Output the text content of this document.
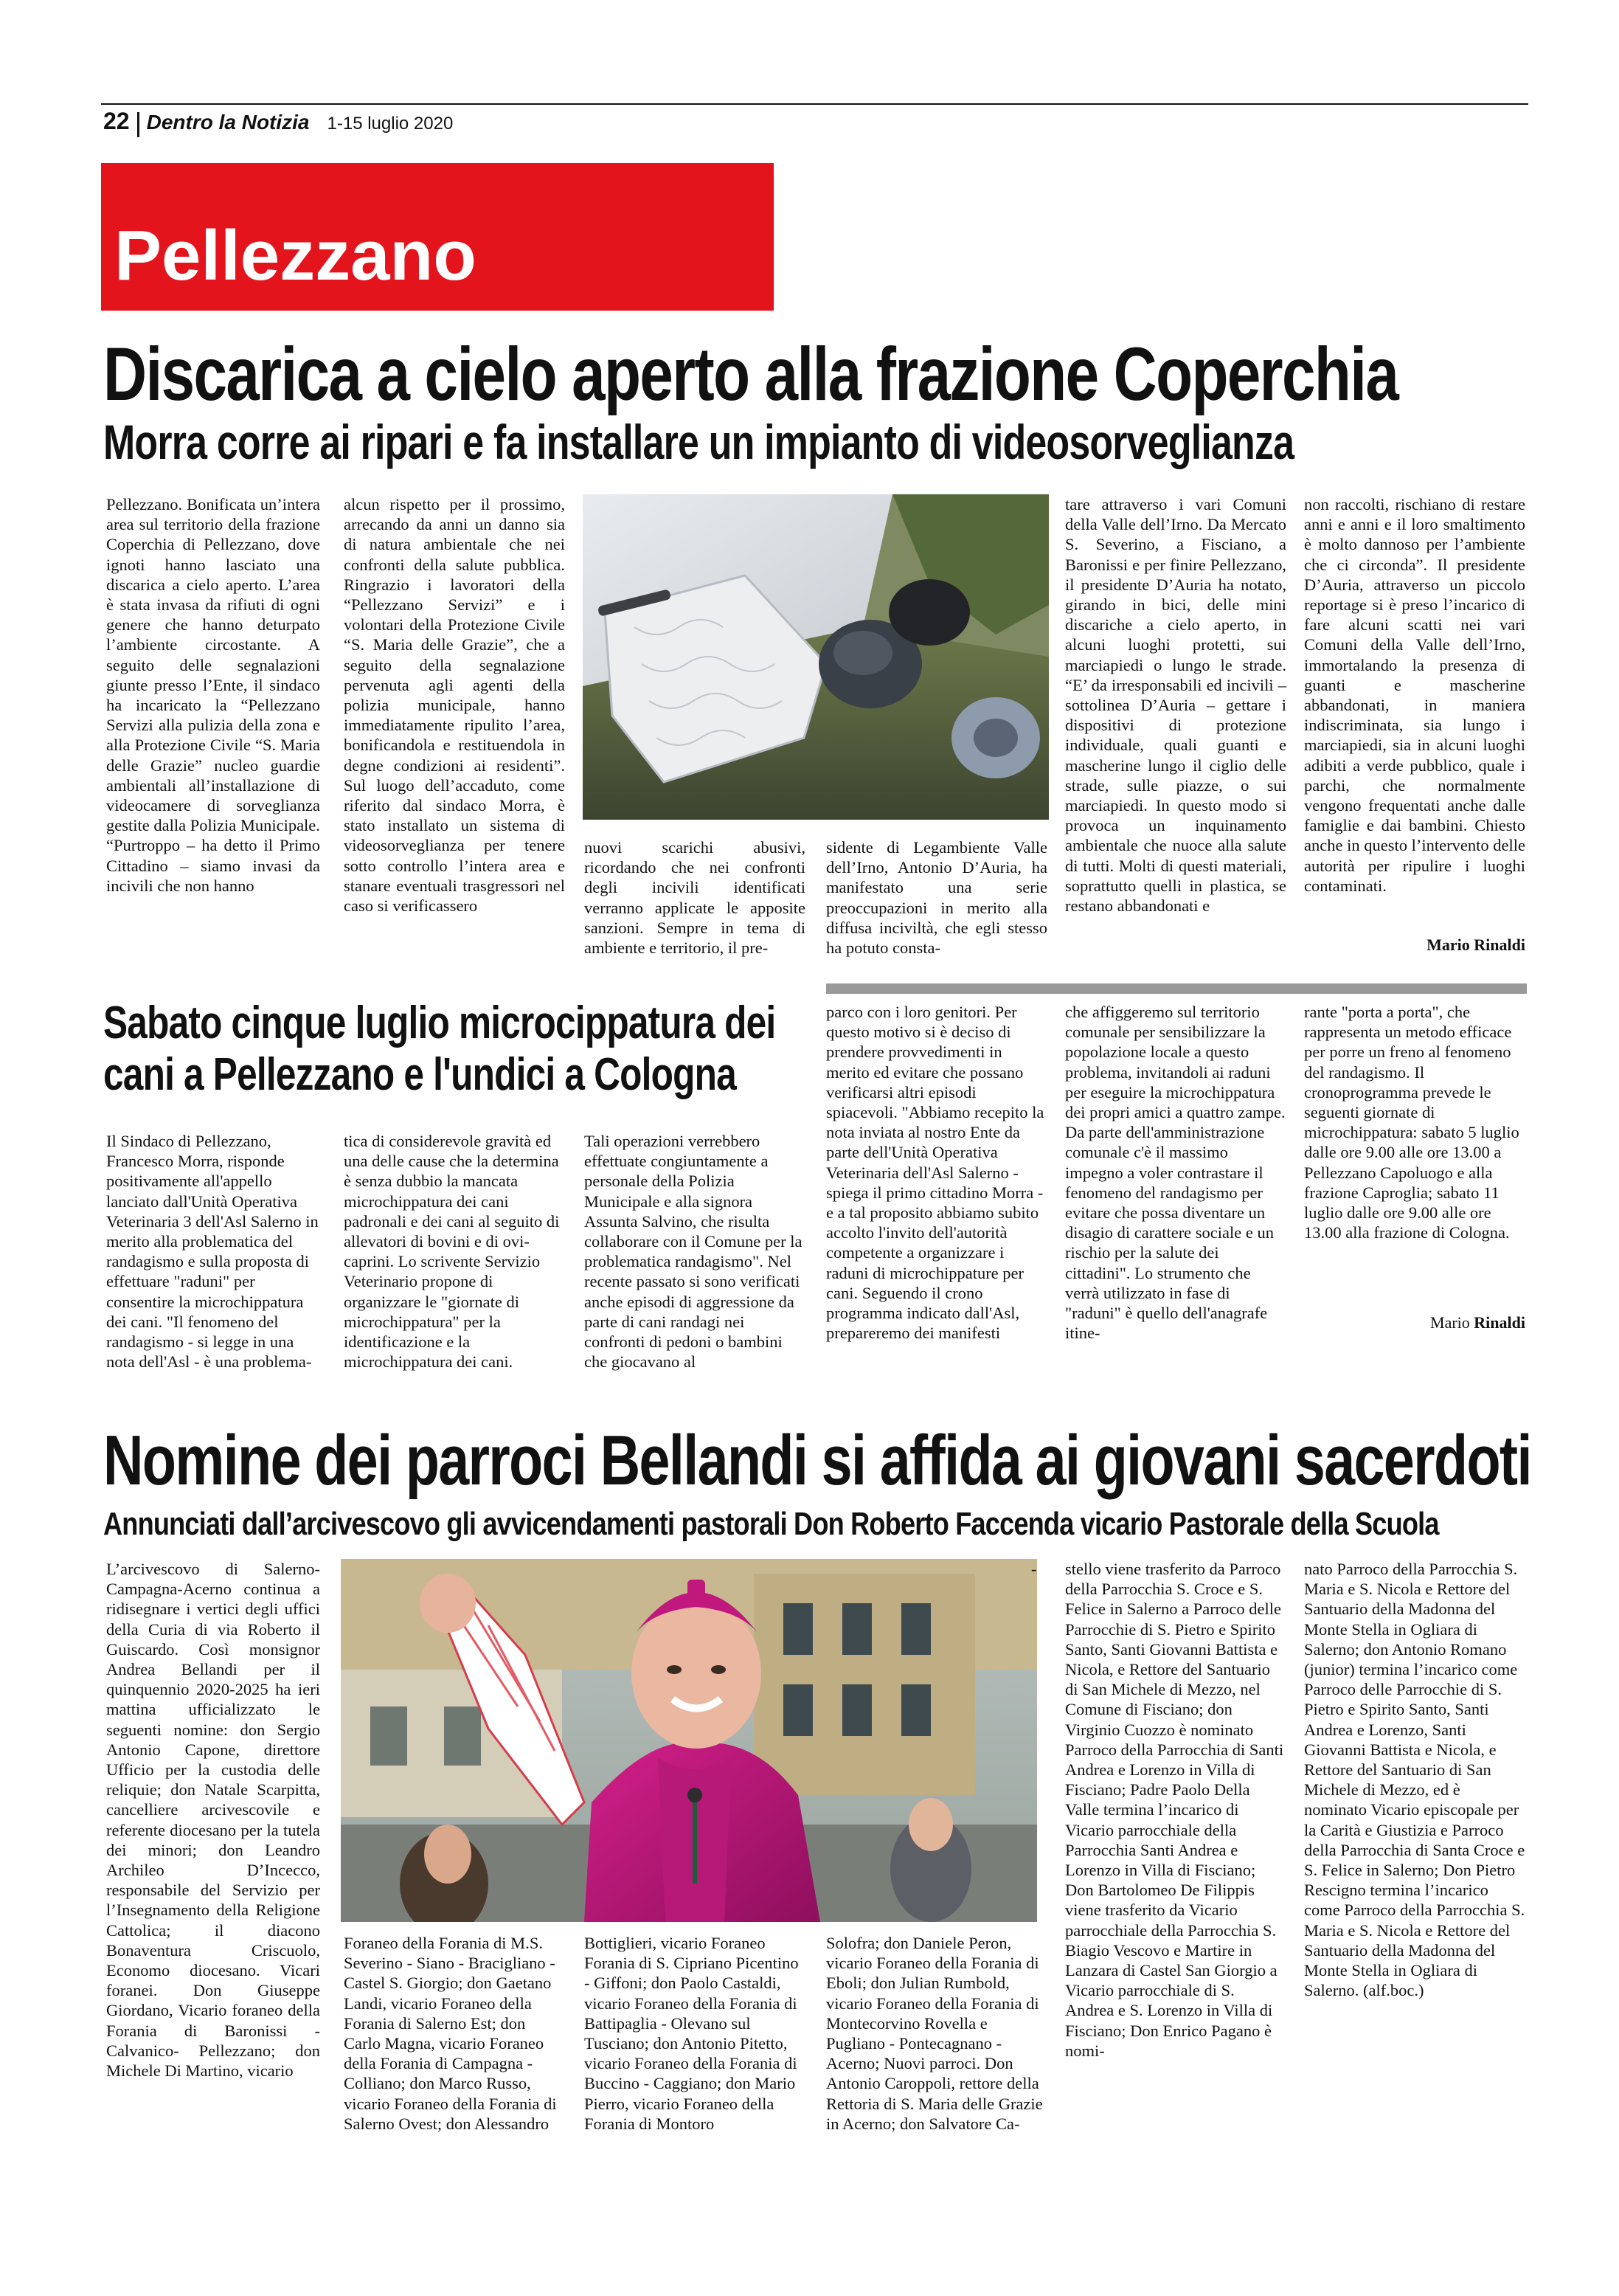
22 Dentro la Notizia 1-15 luglio 2020
Pellezzano
Discarica a cielo aperto alla frazione Coperchia
Morra corre ai ripari e fa installare un impianto di videosorveglianza

Pellezzano. Bonificata un’intera area sul territorio della frazione Coperchia di Pellezzano, dove ignoti hanno lasciato una discarica a cielo aperto. L’area è stata invasa da rifiuti di ogni genere che hanno deturpato l’ambiente circostante. A seguito delle segnalazioni giunte presso l’Ente, il sindaco ha incaricato la “Pellezzano Servizi alla pulizia della zona e alla Protezione Civile “S. Maria delle Grazie” nucleo guardie ambientali all’installazione di videocamere di sorveglianza gestite dalla Polizia Municipale.

“Purtroppo – ha detto il Primo Cittadino – siamo invasi da incivili che non hanno

alcun rispetto per il prossimo, arrecando da anni un danno sia di natura ambientale che nei confronti della salute pubblica. Ringrazio i lavoratori della “Pellezzano Servizi” e i volontari della Protezione Civile “S. Maria delle Grazie”, che a seguito della segnalazione pervenuta agli agenti della polizia municipale, hanno immediatamente ripulito l’area, bonificandola e restituendola in degne condizioni ai residenti”. Sul luogo dell’accaduto, come riferito dal sindaco Morra, è stato installato un sistema di videosorveglianza per tenere sotto controllo l’intera area e stanare eventuali trasgressori nel caso si verificassero
nuovi scarichi abusivi, ricordando che nei confronti degli incivili identificati verranno applicate le apposite sanzioni. Sempre in tema di ambiente e territorio, il pre-
sidente di Legambiente Valle dell’Irno, Antonio D’Auria, ha manifestato una serie preoccupazioni in merito alla diffusa inciviltà, che egli stesso ha potuto consta-
tare attraverso i vari Comuni della Valle dell’Irno. Da Mercato S. Severino, a Fisciano, a Baronissi e per finire Pellezzano, il presidente D’Auria ha notato, girando in bici, delle mini discariche a cielo aperto, in alcuni luoghi protetti, sui marciapiedi o lungo le strade. “E’ da irresponsabili ed incivili – sottolinea D’Auria – gettare i dispositivi di protezione individuale, quali guanti e mascherine lungo il ciglio delle strade, sulle piazze, o sui marciapiedi. In questo modo si provoca un inquinamento ambientale che nuoce alla salute di tutti. Molti di questi materiali, soprattutto quelli in plastica, se restano abbandonati e
non raccolti, rischiano di restare anni e anni e il loro smaltimento è molto dannoso per l’ambiente che ci circonda”. Il presidente D’Auria, attraverso un piccolo reportage si è preso l’incarico di fare alcuni scatti nei vari Comuni della Valle dell’Irno, immortalando la presenza di guanti e mascherine abbandonati, in maniera indiscriminata, sia lungo i marciapiedi, sia in alcuni luoghi adibiti a verde pubblico, quale i parchi, che normalmente vengono frequentati anche dalle famiglie e dai bambini. Chiesto anche in questo l’intervento delle autorità per ripulire i luoghi contaminati.
Mario Rinaldi
Sabato cinque luglio microcippatura dei
cani a Pellezzano e l'undici a Cologna
Il Sindaco di Pellezzano, Francesco Morra, risponde positivamente all'appello lanciato dall'Unità Operativa Veterinaria 3 dell'Asl Salerno in merito alla problematica del randagismo e sulla proposta di effettuare "raduni" per consentire la microchippatura dei cani. "Il fenomeno del randagismo - si legge in una nota dell'Asl - è una problema-
tica di considerevole gravità ed una delle cause che la determina è senza dubbio la mancata microchippatura dei cani padronali e dei cani al seguito di allevatori di bovini e di ovi-caprini. Lo scrivente Servizio Veterinario propone di organizzare le "giornate di microchippatura" per la identificazione e la microchippatura dei cani.
Tali operazioni verrebbero effettuate congiuntamente a personale della Polizia Municipale e alla signora Assunta Salvino, che risulta collaborare con il Comune per la problematica randagismo". Nel recente passato si sono verificati anche episodi di aggressione da parte di cani randagi nei confronti di pedoni o bambini che giocavano al
parco con i loro genitori. Per questo motivo si è deciso di prendere provvedimenti in merito ed evitare che possano verificarsi altri episodi spiacevoli. "Abbiamo recepito la nota inviata al nostro Ente da parte dell'Unità Operativa Veterinaria dell'Asl Salerno - spiega il primo cittadino Morra - e a tal proposito abbiamo subito accolto l'invito dell'autorità competente a organizzare i raduni di microchippature per cani. Seguendo il crono programma indicato dall'Asl, prepareremo dei manifesti
che affiggeremo sul territorio comunale per sensibilizzare la popolazione locale a questo problema, invitandoli ai raduni per eseguire la microchippatura dei propri amici a quattro zampe. Da parte dell'amministrazione comunale c'è il massimo impegno a voler contrastare il fenomeno del randagismo per evitare che possa diventare un disagio di carattere sociale e un rischio per la salute dei cittadini". Lo strumento che verrà utilizzato in fase di "raduni" è quello dell'anagrafe itine-
rante "porta a porta", che rappresenta un metodo efficace per porre un freno al fenomeno del randagismo. Il cronoprogramma prevede le seguenti giornate di microchippatura: sabato 5 luglio dalle ore 9.00 alle ore 13.00 a Pellezzano Capoluogo e alla frazione Caproglia; sabato 11 luglio dalle ore 9.00 alle ore 13.00 alla frazione di Cologna.
Mario Rinaldi
Nomine dei parroci Bellandi si affida ai giovani sacerdoti
Annunciati dall’arcivescovo gli avvicendamenti pastorali Don Roberto Faccenda vicario Pastorale della Scuola
L’arcivescovo di Salerno-Campagna-Acerno continua a ridisegnare i vertici degli uffici della Curia di via Roberto il Guiscardo. Così monsignor Andrea Bellandi per il quinquennio 2020-2025 ha ieri mattina ufficializzato le seguenti nomine: don Sergio Antonio Capone, direttore Ufficio per la custodia delle reliquie; don Natale Scarpitta, cancelliere arcivescovile e referente diocesano per la tutela dei minori; don Leandro Archileo D’Incecco, responsabile del Servizio per l’Insegnamento della Religione Cattolica; il diacono Bonaventura Criscuolo, Economo diocesano. Vicari foranei. Don Giuseppe Giordano, Vicario foraneo della Forania di Baronissi - Calvanico- Pellezzano; don Michele Di Martino, vicario
-
Foraneo della Forania di M.S. Severino - Siano - Bracigliano - Castel S. Giorgio; don Gaetano Landi, vicario Foraneo della Forania di Salerno Est; don Carlo Magna, vicario Foraneo della Forania di Campagna - Colliano; don Marco Russo, vicario Foraneo della Forania di Salerno Ovest; don Alessandro
Bottiglieri, vicario Foraneo Forania di S. Cipriano Picentino - Giffoni; don Paolo Castaldi, vicario Foraneo della Forania di Battipaglia - Olevano sul Tusciano; don Antonio Pitetto, vicario Foraneo della Forania di Buccino - Caggiano; don Mario Pierro, vicario Foraneo della Forania di Montoro
Solofra; don Daniele Peron, vicario Foraneo della Forania di Eboli; don Julian Rumbold, vicario Foraneo della Forania di Montecorvino Rovella e Pugliano - Pontecagnano - Acerno; Nuovi parroci. Don Antonio Caroppoli, rettore della Rettoria di S. Maria delle Grazie in Acerno; don Salvatore Ca-
stello viene trasferito da Parroco della Parrocchia S. Croce e S. Felice in Salerno a Parroco delle Parrocchie di S. Pietro e Spirito Santo, Santi Giovanni Battista e Nicola, e Rettore del Santuario di San Michele di Mezzo, nel Comune di Fisciano; don Virginio Cuozzo è nominato Parroco della Parrocchia di Santi Andrea e Lorenzo in Villa di Fisciano; Padre Paolo Della Valle termina l’incarico di Vicario parrocchiale della Parrocchia Santi Andrea e Lorenzo in Villa di Fisciano; Don Bartolomeo De Filippis viene trasferito da Vicario parrocchiale della Parrocchia S. Biagio Vescovo e Martire in Lanzara di Castel San Giorgio a Vicario parrocchiale di S. Andrea e S. Lorenzo in Villa di Fisciano; Don Enrico Pagano è nomi-
nato Parroco della Parrocchia S. Maria e S. Nicola e Rettore del Santuario della Madonna del Monte Stella in Ogliara di Salerno; don Antonio Romano (junior) termina l’incarico come Parroco delle Parrocchie di S. Pietro e Spirito Santo, Santi Andrea e Lorenzo, Santi Giovanni Battista e Nicola, e Rettore del Santuario di San Michele di Mezzo, ed è nominato Vicario episcopale per la Carità e Giustizia e Parroco della Parrocchia di Santa Croce e S. Felice in Salerno; Don Pietro Rescigno termina l’incarico come Parroco della Parrocchia S. Maria e S. Nicola e Rettore del Santuario della Madonna del Monte Stella in Ogliara di Salerno. (alf.boc.)
